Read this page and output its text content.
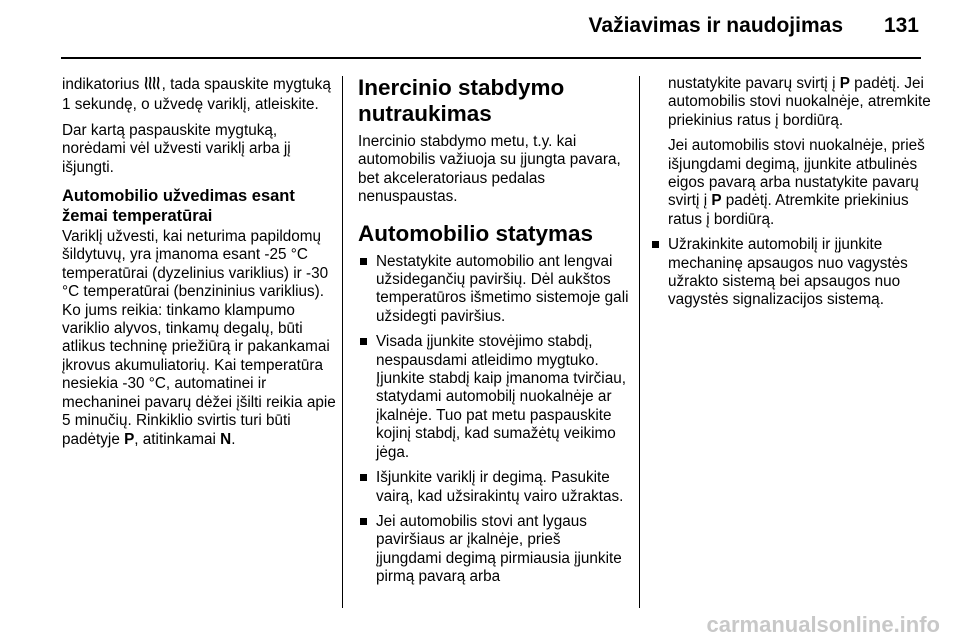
Važiavimas ir naudojimas 131

indikatorius , tada spauskite mygtuką 1 sekundę, o užvedę variklį, atleiskite.

Dar kartą paspauskite mygtuką, norėdami vėl užvesti variklį arba jį išjungti.

Automobilio užvedimas esant žemai temperatūrai

Variklį užvesti, kai neturima papildomų šildytuvų, yra įmanoma esant -25 °C temperatūrai (dyzelinius variklius) ir -30 °C temperatūrai (benzininius variklius). Ko jums reikia: tinkamo klampumo variklio alyvos, tinkamų degalų, būti atlikus techninę priežiūrą ir pakankamai įkrovus akumuliatorių. Kai temperatūra nesiekia -30 °C, automatinei ir mechaninei pavarų dėžei įšilti reikia apie 5 minučių. Rinkiklio svirtis turi būti padėtyje P, atitinkamai N.

Inercinio stabdymo nutraukimas

Inercinio stabdymo metu, t.y. kai automobilis važiuoja su įjungta pavara, bet akceleratoriaus pedalas nenuspaustas.

Automobilio statymas
Nestatykite automobilio ant lengvai užsidegančių paviršių. Dėl aukštos temperatūros išmetimo sistemoje gali užsidegti paviršius.
Visada įjunkite stovėjimo stabdį, nespausdami atleidimo mygtuko. Įjunkite stabdį kaip įmanoma tvirčiau, statydami automobilį nuokalnėje ar įkalnėje. Tuo pat metu paspauskite kojinį stabdį, kad sumažėtų veikimo jėga.
Išjunkite variklį ir degimą. Pasukite vairą, kad užsirakintų vairo užraktas.
Jei automobilis stovi ant lygaus paviršiaus ar įkalnėje, prieš įjungdami degimą pirmiausia įjunkite pirmą pavarą arba

nustatykite pavarų svirtį į P padėtį. Jei automobilis stovi nuokalnėje, atremkite priekinius ratus į bordiūrą.

Jei automobilis stovi nuokalnėje, prieš išjungdami degimą, įjunkite atbulinės eigos pavarą arba nustatykite pavarų svirtį į P padėtį. Atremkite priekinius ratus į bordiūrą.

Užrakinkite automobilį ir įjunkite mechaninę apsaugos nuo vagystės užrakto sistemą bei apsaugos nuo vagystės signalizacijos sistemą.
carmanualsonline.info
